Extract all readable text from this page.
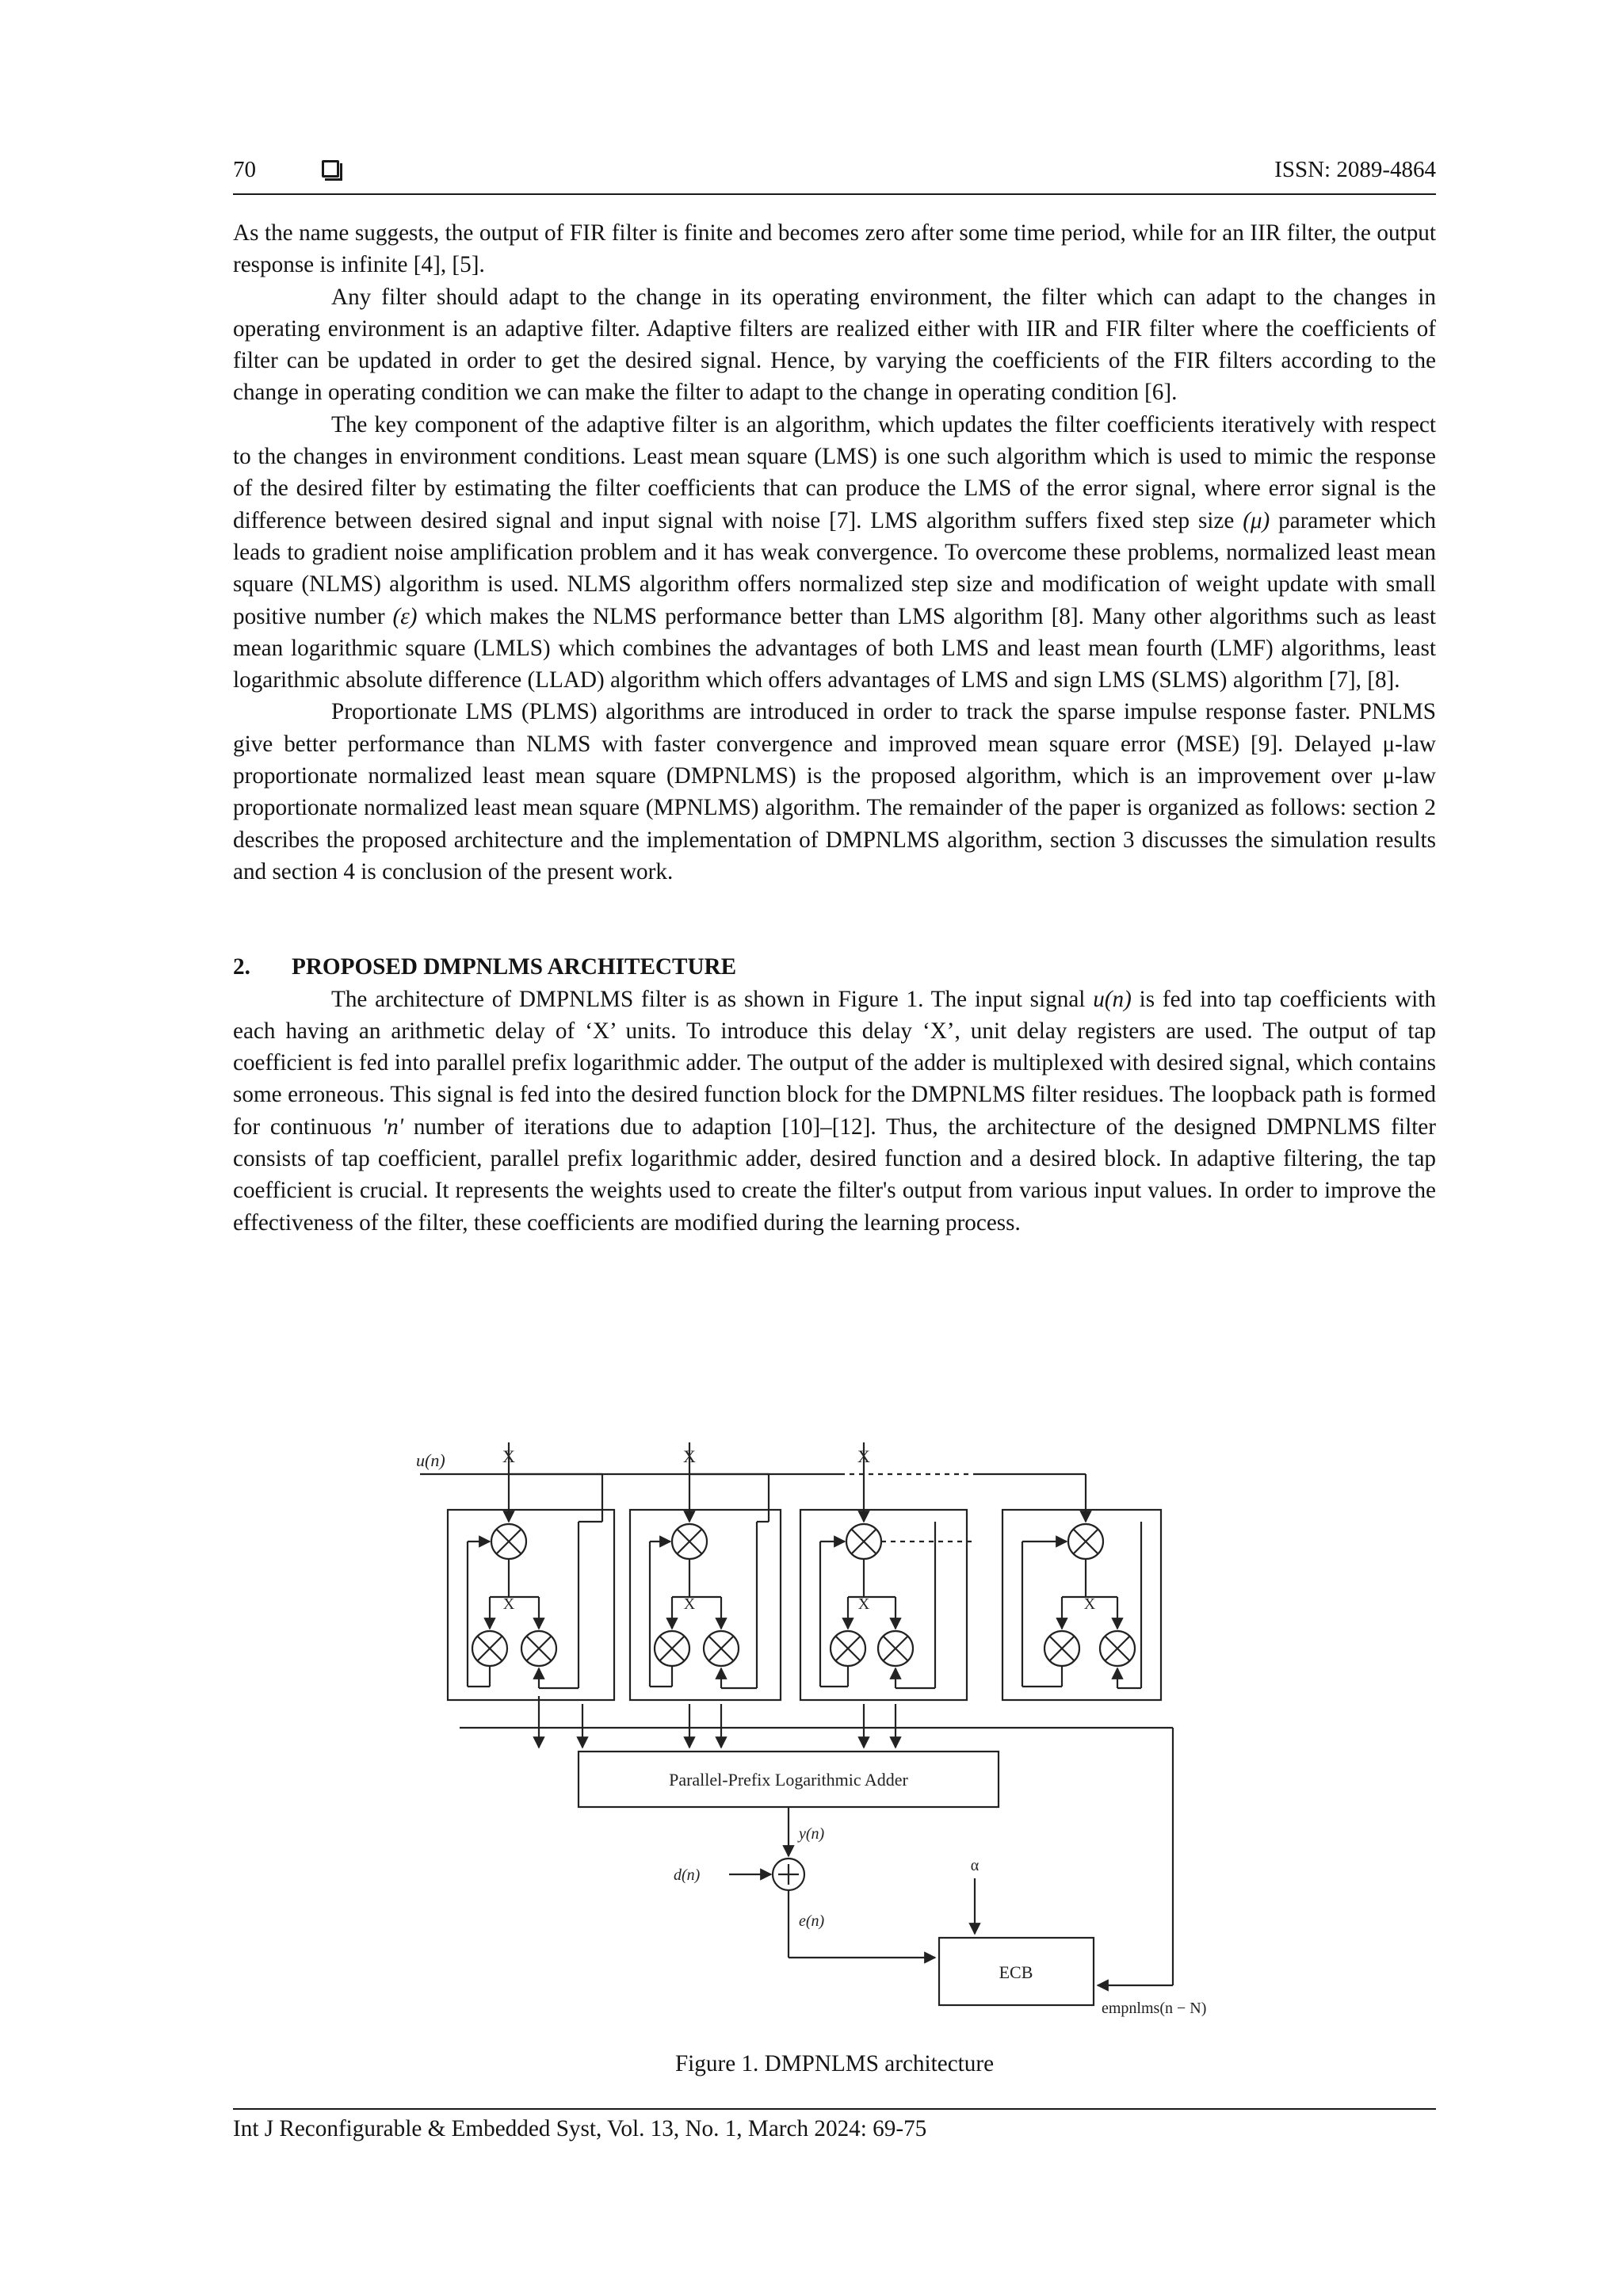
70	ISSN: 2089-4864

As the name suggests, the output of FIR filter is finite and becomes zero after some time period, while for an IIR filter, the output response is infinite [4], [5].

Any filter should adapt to the change in its operating environment, the filter which can adapt to the changes in operating environment is an adaptive filter. Adaptive filters are realized either with IIR and FIR filter where the coefficients of filter can be updated in order to get the desired signal. Hence, by varying the coefficients of the FIR filters according to the change in operating condition we can make the filter to adapt to the change in operating condition [6].

The key component of the adaptive filter is an algorithm, which updates the filter coefficients iteratively with respect to the changes in environment conditions. Least mean square (LMS) is one such algorithm which is used to mimic the response of the desired filter by estimating the filter coefficients that can produce the LMS of the error signal, where error signal is the difference between desired signal and input signal with noise [7]. LMS algorithm suffers fixed step size (μ) parameter which leads to gradient noise amplification problem and it has weak convergence. To overcome these problems, normalized least mean square (NLMS) algorithm is used. NLMS algorithm offers normalized step size and modification of weight update with small positive number (ε) which makes the NLMS performance better than LMS algorithm [8]. Many other algorithms such as least mean logarithmic square (LMLS) which combines the advantages of both LMS and least mean fourth (LMF) algorithms, least logarithmic absolute difference (LLAD) algorithm which offers advantages of LMS and sign LMS (SLMS) algorithm [7], [8].

Proportionate LMS (PLMS) algorithms are introduced in order to track the sparse impulse response faster. PNLMS give better performance than NLMS with faster convergence and improved mean square error (MSE) [9]. Delayed μ-law proportionate normalized least mean square (DMPNLMS) is the proposed algorithm, which is an improvement over μ-law proportionate normalized least mean square (MPNLMS) algorithm. The remainder of the paper is organized as follows: section 2 describes the proposed architecture and the implementation of DMPNLMS algorithm, section 3 discusses the simulation results and section 4 is conclusion of the present work.

2. PROPOSED DMPNLMS ARCHITECTURE

The architecture of DMPNLMS filter is as shown in Figure 1. The input signal u(n) is fed into tap coefficients with each having an arithmetic delay of ‘X’ units. To introduce this delay ‘X’, unit delay registers are used. The output of tap coefficient is fed into parallel prefix logarithmic adder. The output of the adder is multiplexed with desired signal, which contains some erroneous. This signal is fed into the desired function block for the DMPNLMS filter residues. The loopback path is formed for continuous 'n' number of iterations due to adaption [10]–[12]. Thus, the architecture of the designed DMPNLMS filter consists of tap coefficient, parallel prefix logarithmic adder, desired function and a desired block. In adaptive filtering, the tap coefficient is crucial. It represents the weights used to create the filter's output from various input values. In order to improve the effectiveness of the filter, these coefficients are modified during the learning process.

Parallel-Prefix Logarithmic Adder
y(n)
d(n)
e(n)
α
ECB
empnlms(n − N)
u(n)	X	X	X
X	X	X	X
Figure 1. DMPNLMS architecture
Int J Reconfigurable & Embedded Syst, Vol. 13, No. 1, March 2024: 69-75
